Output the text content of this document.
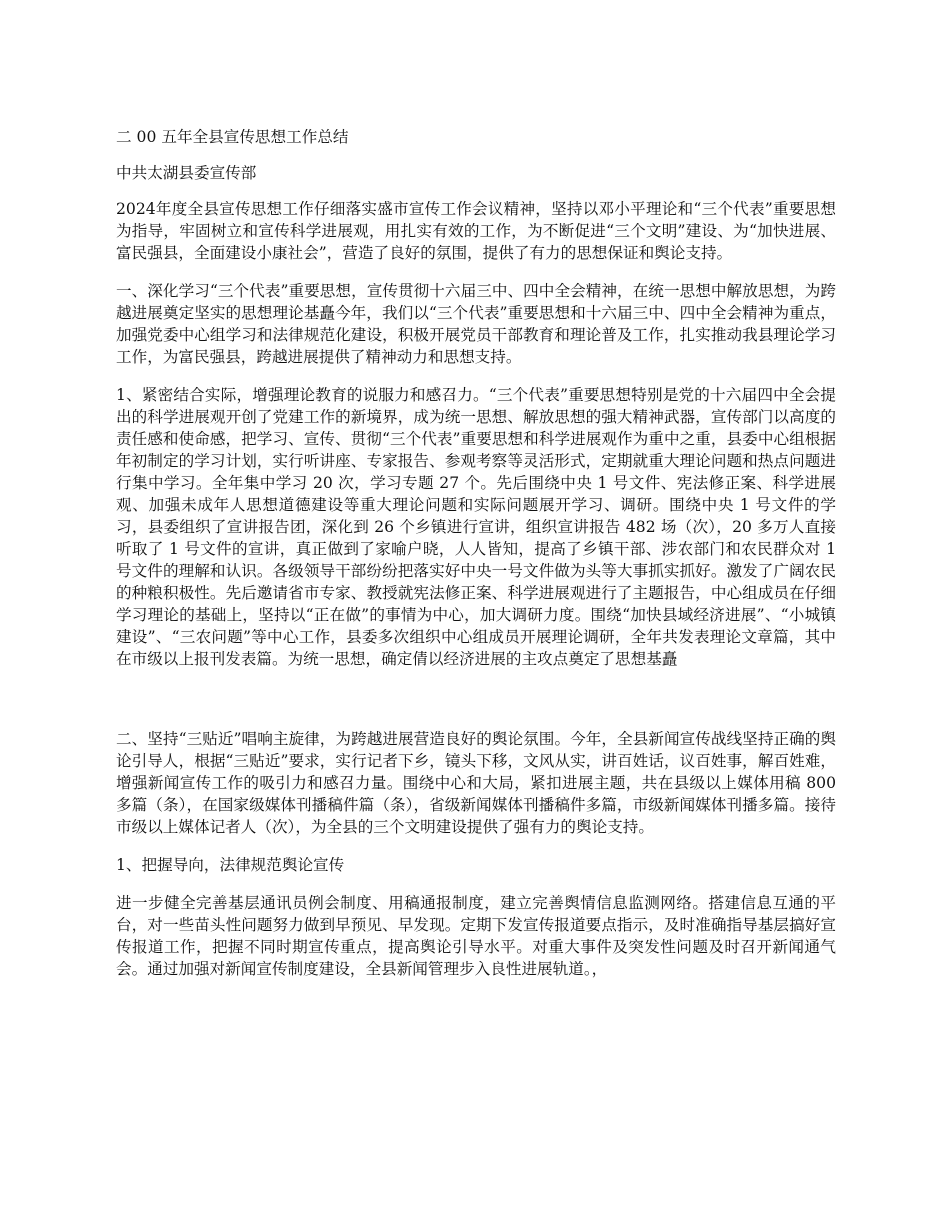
二 00 五年全县宣传思想工作总结

中共太湖县委宣传部

2024年度全县宣传思想工作仔细落实盛市宣传工作会议精神，坚持以邓小平理论和“三个代表”重要思想为指导，牢固树立和宣传科学进展观，用扎实有效的工作，为不断促进“三个文明”建设、为“加快进展、富民强县，全面建设小康社会”，营造了良好的氛围，提供了有力的思想保证和舆论支持。

一、深化学习“三个代表”重要思想，宣传贯彻十六届三中、四中全会精神，在统一思想中解放思想，为跨越进展奠定坚实的思想理论基矗今年，我们以“三个代表”重要思想和十六届三中、四中全会精神为重点，加强党委中心组学习和法律规范化建设，积极开展党员干部教育和理论普及工作，扎实推动我县理论学习工作，为富民强县，跨越进展提供了精神动力和思想支持。

1、紧密结合实际，增强理论教育的说服力和感召力。“三个代表”重要思想特别是党的十六届四中全会提出的科学进展观开创了党建工作的新境界，成为统一思想、解放思想的强大精神武器，宣传部门以高度的责任感和使命感，把学习、宣传、贯彻“三个代表”重要思想和科学进展观作为重中之重，县委中心组根据年初制定的学习计划，实行听讲座、专家报告、参观考察等灵活形式，定期就重大理论问题和热点问题进行集中学习。全年集中学习 20 次，学习专题 27 个。先后围绕中央 1 号文件、宪法修正案、科学进展观、加强未成年人思想道德建设等重大理论问题和实际问题展开学习、调研。围绕中央 1 号文件的学习，县委组织了宣讲报告团，深化到 26 个乡镇进行宣讲，组织宣讲报告 482 场（次），20 多万人直接听取了 1 号文件的宣讲，真正做到了家喻户晓，人人皆知，提高了乡镇干部、涉农部门和农民群众对 1 号文件的理解和认识。各级领导干部纷纷把落实好中央一号文件做为头等大事抓实抓好。激发了广阔农民的种粮积极性。先后邀请省市专家、教授就宪法修正案、科学进展观进行了主题报告，中心组成员在仔细学习理论的基础上，坚持以“正在做”的事情为中心，加大调研力度。围绕“加快县域经济进展”、“小城镇建设”、“三农问题”等中心工作，县委多次组织中心组成员开展理论调研，全年共发表理论文章篇，其中在市级以上报刊发表篇。为统一思想，确定倩以经济进展的主攻点奠定了思想基矗

二、坚持“三贴近”唱响主旋律，为跨越进展营造良好的舆论氛围。今年，全县新闻宣传战线坚持正确的舆论引导人，根据“三贴近”要求，实行记者下乡，镜头下移，文风从实，讲百姓话，议百姓事，解百姓难，增强新闻宣传工作的吸引力和感召力量。围绕中心和大局，紧扣进展主题，共在县级以上媒体用稿 800 多篇（条），在国家级媒体刊播稿件篇（条），省级新闻媒体刊播稿件多篇，市级新闻媒体刊播多篇。接待市级以上媒体记者人（次），为全县的三个文明建设提供了强有力的舆论支持。

1、把握导向，法律规范舆论宣传

进一步健全完善基层通讯员例会制度、用稿通报制度，建立完善舆情信息监测网络。搭建信息互通的平台，对一些苗头性问题努力做到早预见、早发现。定期下发宣传报道要点指示，及时准确指导基层搞好宣传报道工作，把握不同时期宣传重点，提高舆论引导水平。对重大事件及突发性问题及时召开新闻通气会。通过加强对新闻宣传制度建设，全县新闻管理步入良性进展轨道。，
